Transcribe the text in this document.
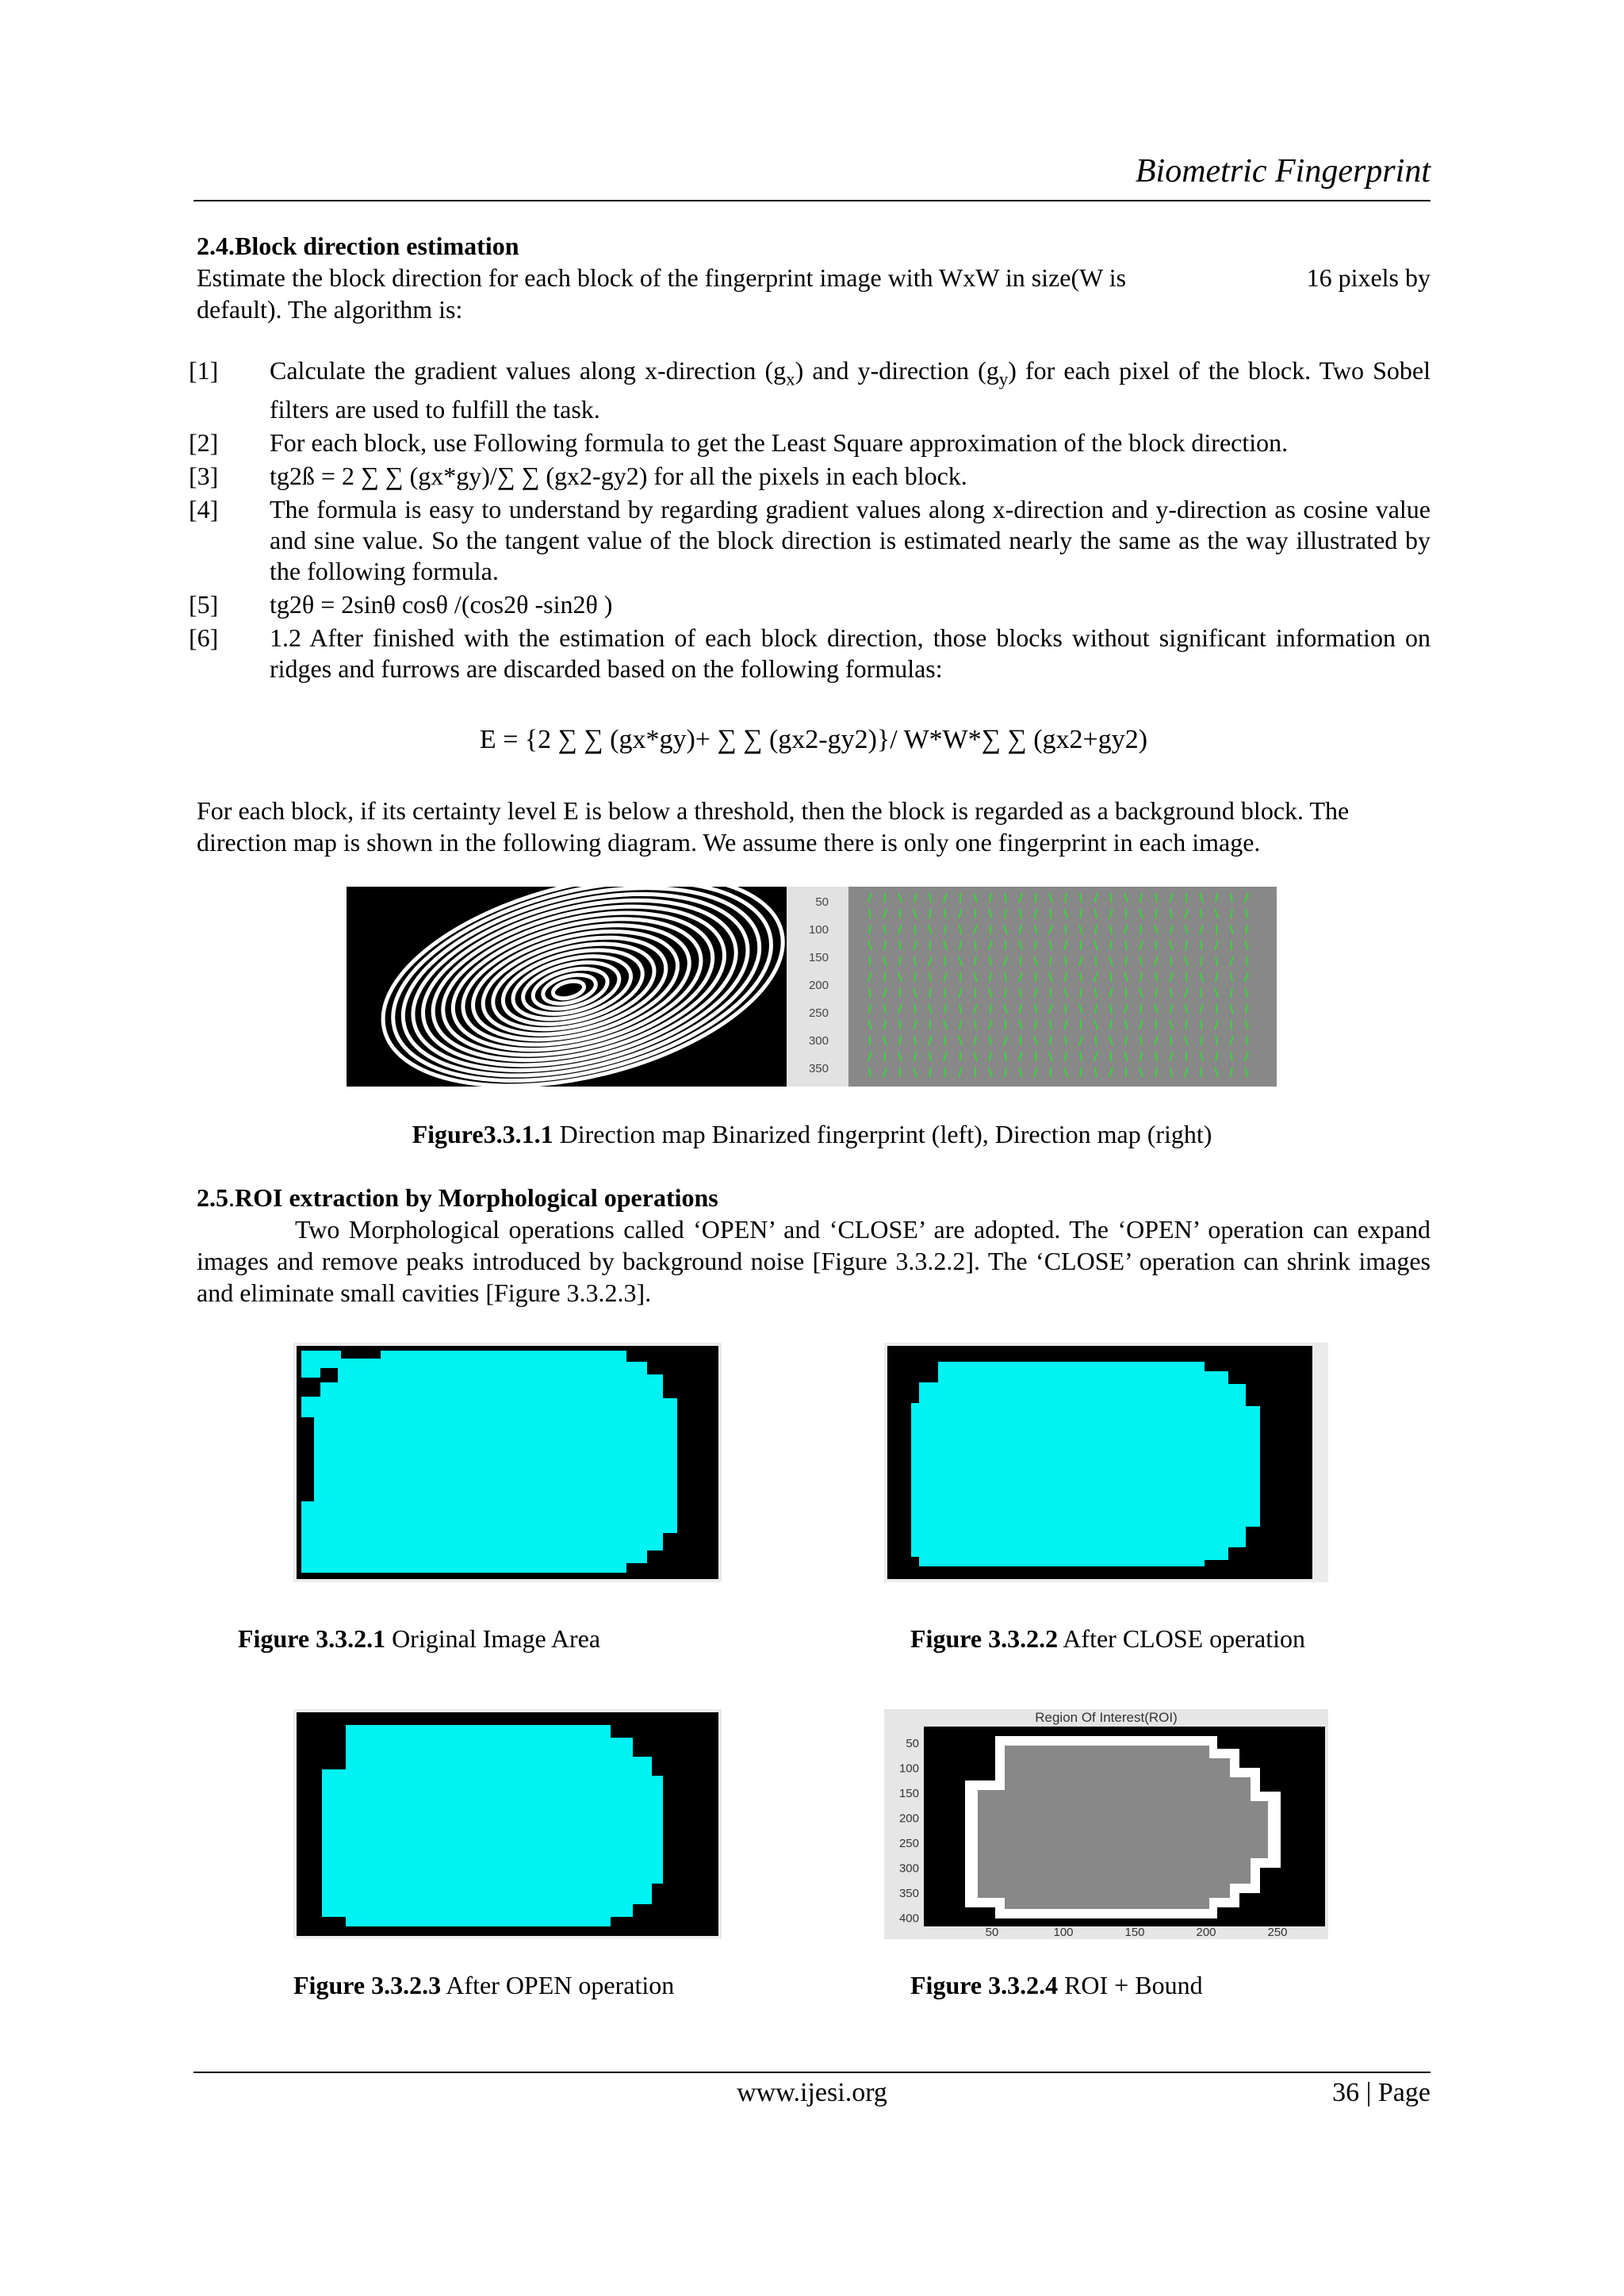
Biometric Fingerprint
2.4.Block direction estimation
Estimate the block direction for each block of the fingerprint image with WxW in size(W is	16 pixels by
default). The algorithm is:
[1]	Calculate the gradient values along x-direction $(g_x)$ and y-direction $(g_y)$ for each pixel of the block. Two Sobel filters are used to fulfill the task.
[2]	For each block, use Following formula to get the Least Square approximation of the block direction.
[3]	tg2ß = 2 ∑ ∑ (gx*gy)/∑ ∑ (gx2-gy2) for all the pixels in each block.
[4]	The formula is easy to understand by regarding gradient values along x-direction and y-direction as cosine value and sine value. So the tangent value of the block direction is estimated nearly the same as the way illustrated by the following formula.
[5]	tg2θ = 2sinθ cosθ /(cos2θ -sin2θ )
[6]	1.2 After finished with the estimation of each block direction, those blocks without significant information on ridges and furrows are discarded based on the following formulas:
E = {2 ∑ ∑ (gx*gy)+ ∑ ∑ (gx2-gy2)}/ W*W*∑ ∑ (gx2+gy2)
For each block, if its certainty level E is below a threshold, then the block is regarded as a background block. The direction map is shown in the following diagram. We assume there is only one fingerprint in each image.
50
100
150
200
250
300
350
Figure3.3.1.1 Direction map Binarized fingerprint (left), Direction map (right)
2.5.ROI extraction by Morphological operations
Two Morphological operations called ‘OPEN’ and ‘CLOSE’ are adopted. The ‘OPEN’ operation can expand images and remove peaks introduced by background noise [Figure 3.3.2.2]. The ‘CLOSE’ operation can shrink images and eliminate small cavities [Figure 3.3.2.3].
Figure 3.3.2.1 Original Image Area	Figure 3.3.2.2 After CLOSE operation
Region Of Interest(ROI)
50
100
150
200
250
300
350
400
50	100	150	200	250
Figure 3.3.2.3 After OPEN operation	Figure 3.3.2.4 ROI + Bound
www.ijesi.org	36 | Page
